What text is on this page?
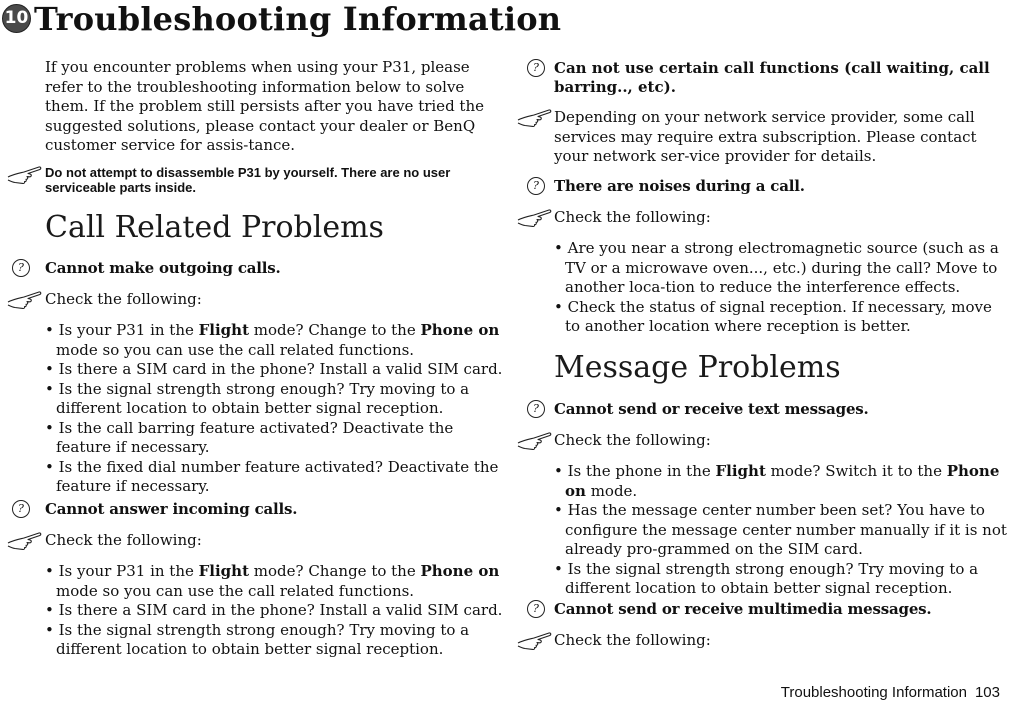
10 Troubleshooting Information
If you encounter problems when using your P31, please refer to the troubleshooting information below to solve them. If the problem still persists after you have tried the suggested solutions, please contact your dealer or BenQ customer service for assis-tance.
Do not attempt to disassemble P31 by yourself. There are no user serviceable parts inside.
Call Related Problems
?	Cannot make outgoing calls.
Check the following:
• Is your P31 in the Flight mode? Change to the Phone on mode so you can use the call related functions.
• Is there a SIM card in the phone? Install a valid SIM card.
• Is the signal strength strong enough? Try moving to a different location to obtain better signal reception.
• Is the call barring feature activated? Deactivate the feature if necessary.
• Is the fixed dial number feature activated? Deactivate the feature if necessary.
?	Cannot answer incoming calls.
Check the following:
• Is your P31 in the Flight mode? Change to the Phone on mode so you can use the call related functions.
• Is there a SIM card in the phone? Install a valid SIM card.
• Is the signal strength strong enough? Try moving to a different location to obtain better signal reception.
?	Can not use certain call functions (call waiting, call barring.., etc).
Depending on your network service provider, some call services may require extra subscription. Please contact your network ser-vice provider for details.
?	There are noises during a call.
Check the following:
• Are you near a strong electromagnetic source (such as a TV or a microwave oven..., etc.) during the call? Move to another loca-tion to reduce the interference effects.
• Check the status of signal reception. If necessary, move to another location where reception is better.
Message Problems
?	Cannot send or receive text messages.
Check the following:
• Is the phone in the Flight mode? Switch it to the Phone on mode.
• Has the message center number been set? You have to configure the message center number manually if it is not already pro-grammed on the SIM card.
• Is the signal strength strong enough? Try moving to a different location to obtain better signal reception.
?	Cannot send or receive multimedia messages.
Check the following:
Troubleshooting Information 103
